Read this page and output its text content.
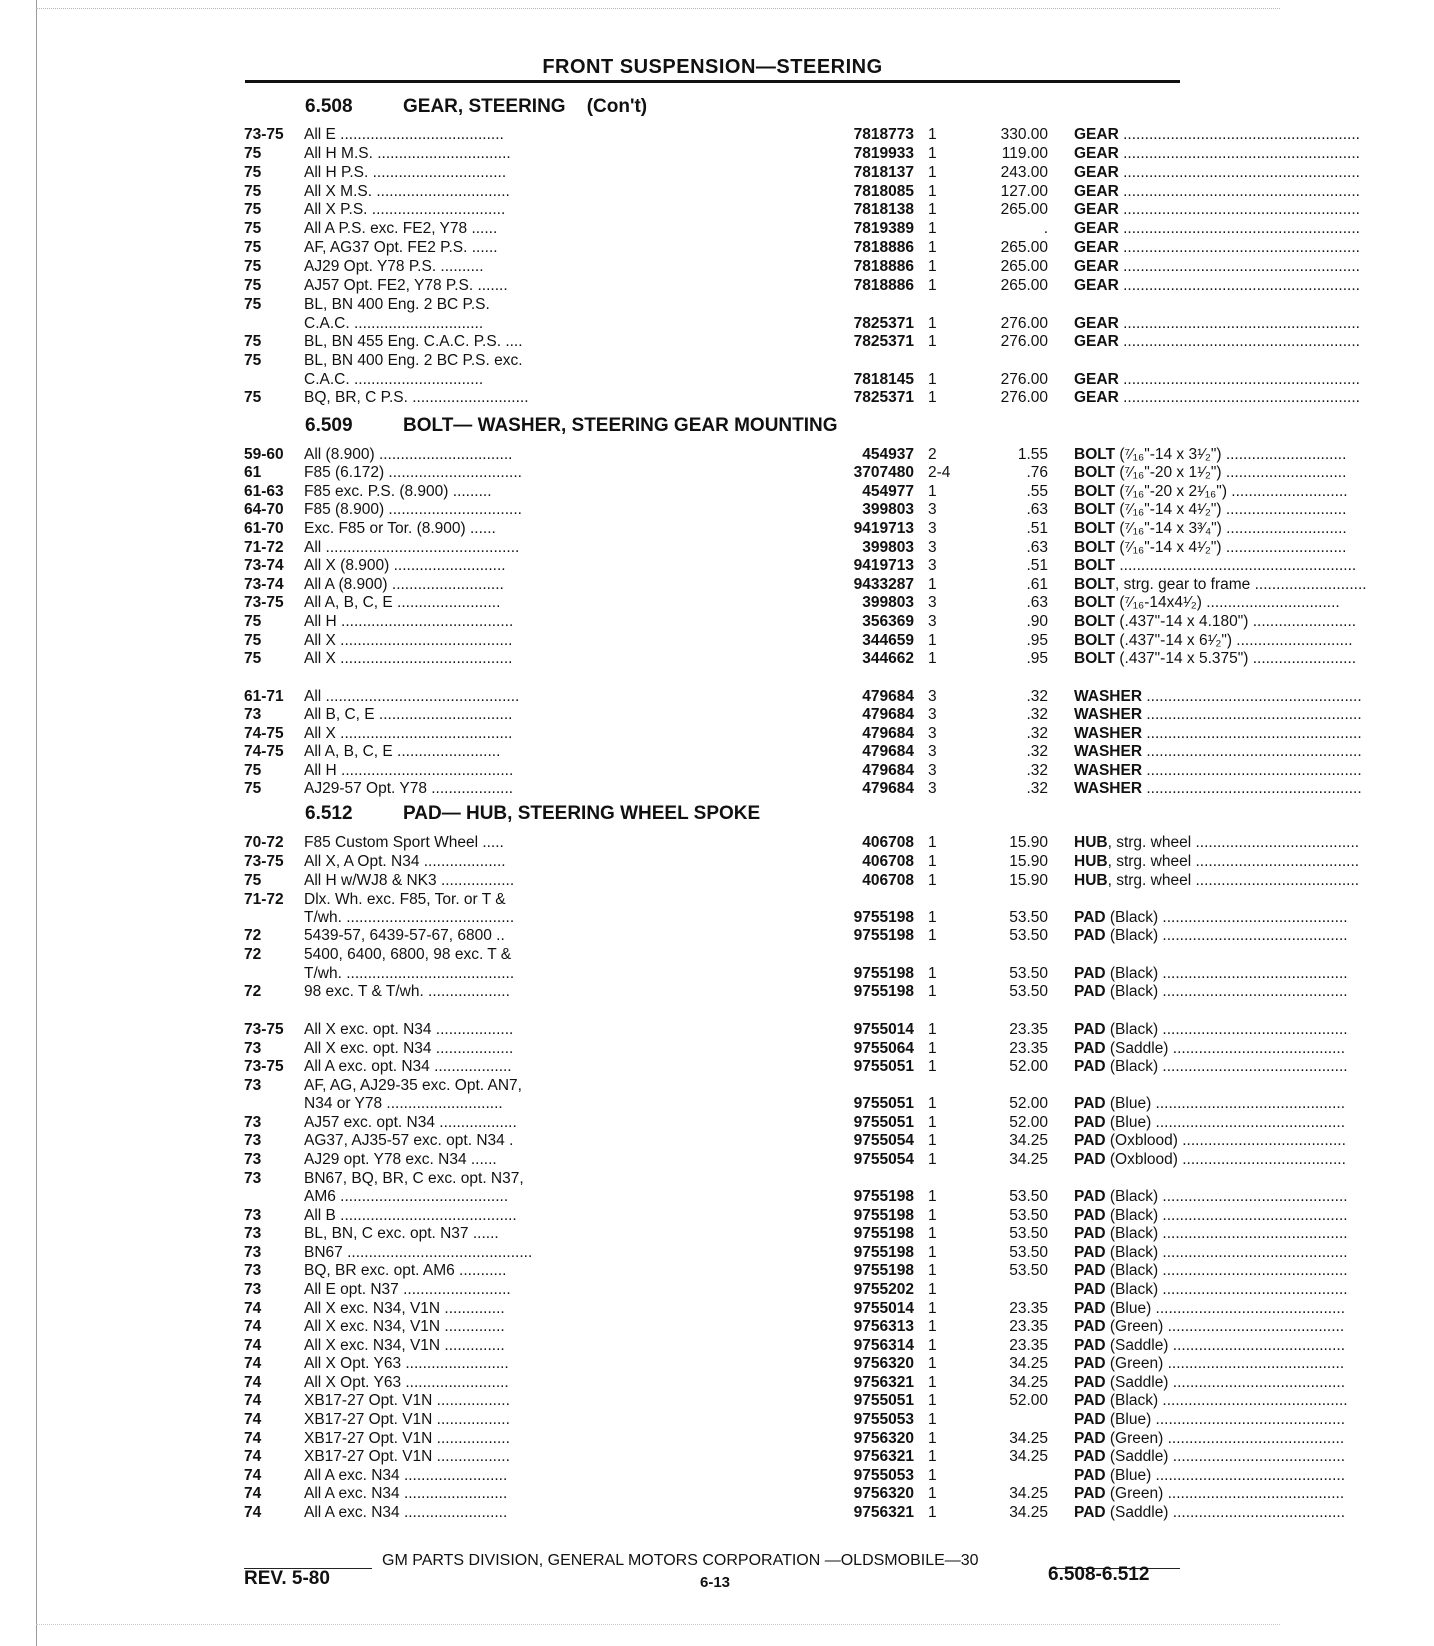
FRONT SUSPENSION—STEERING
6.508	GEAR, STEERING (Con't)
6.509	BOLT— WASHER, STEERING GEAR MOUNTING
6.512	PAD— HUB, STEERING WHEEL SPOKE
73-75	All E ......................................	7818773 1	330.00 GEAR .......................................................
75	All H M.S. ...............................	7819933 1	119.00 GEAR .......................................................
75	All H P.S. ...............................	7818137 1	243.00 GEAR .......................................................
75	All X M.S. ...............................	7818085 1	127.00 GEAR .......................................................
75	All X P.S. ...............................	7818138 1	265.00 GEAR .......................................................
75	All A P.S. exc. FE2, Y78 ......	7819389 1	. GEAR .......................................................
75	AF, AG37 Opt. FE2 P.S. ......	7818886 1	265.00 GEAR .......................................................
75	AJ29 Opt. Y78 P.S. ..........	7818886 1	265.00 GEAR .......................................................
75	AJ57 Opt. FE2, Y78 P.S. .......	7818886 1	265.00 GEAR .......................................................
75	BL, BN 400 Eng. 2 BC P.S.
C.A.C. ..............................	7825371 1	276.00 GEAR .......................................................
75	BL, BN 455 Eng. C.A.C. P.S. ....	7825371 1	276.00 GEAR .......................................................
75	BL, BN 400 Eng. 2 BC P.S. exc.
C.A.C. ..............................	7818145 1	276.00 GEAR .......................................................
75	BQ, BR, C P.S. ...........................	7825371 1	276.00 GEAR .......................................................
59-60	All (8.900) ...............................	454937 2	1.55 BOLT (⁷⁄₁₆"-14 x 3¹⁄₂") ............................
61	F85 (6.172) ...............................	3707480 2-4	.76 BOLT (⁷⁄₁₆"-20 x 1¹⁄₂") ............................
61-63	F85 exc. P.S. (8.900) .........	454977 1	.55 BOLT (⁷⁄₁₆"-20 x 2¹⁄₁₆") ...........................
64-70	F85 (8.900) ...............................	399803 3	.63 BOLT (⁷⁄₁₆"-14 x 4¹⁄₂") ............................
61-70	Exc. F85 or Tor. (8.900) ......	9419713 3	.51 BOLT (⁷⁄₁₆"-14 x 3³⁄₄") ............................
71-72	All .............................................	399803 3	.63 BOLT (⁷⁄₁₆"-14 x 4¹⁄₂") ............................
73-74	All X (8.900) ..........................	9419713 3	.51 BOLT .......................................................
73-74	All A (8.900) ..........................	9433287 1	.61 BOLT, strg. gear to frame ..........................
73-75	All A, B, C, E ........................	399803 3	.63 BOLT (⁷⁄₁₆-14x4¹⁄₂) ...............................
75	All H ........................................	356369 3	.90 BOLT (.437"-14 x 4.180") ........................
75	All X ........................................	344659 1	.95 BOLT (.437"-14 x 6¹⁄₂") ...........................
75	All X ........................................	344662 1	.95 BOLT (.437"-14 x 5.375") ........................
61-71	All .............................................	479684 3	.32 WASHER ..................................................
73	All B, C, E ...............................	479684 3	.32 WASHER ..................................................
74-75	All X ........................................	479684 3	.32 WASHER ..................................................
74-75	All A, B, C, E ........................	479684 3	.32 WASHER ..................................................
75	All H ........................................	479684 3	.32 WASHER ..................................................
75	AJ29-57 Opt. Y78 ...................	479684 3	.32 WASHER ..................................................
70-72	F85 Custom Sport Wheel .....	406708 1	15.90 HUB, strg. wheel ......................................
73-75	All X, A Opt. N34 ...................	406708 1	15.90 HUB, strg. wheel ......................................
75	All H w/WJ8 & NK3 .................	406708 1	15.90 HUB, strg. wheel ......................................
71-72	Dlx. Wh. exc. F85, Tor. or T &
T/wh. .......................................	9755198 1	53.50 PAD (Black) ...........................................
72	5439-57, 6439-57-67, 6800 ..	9755198 1	53.50 PAD (Black) ...........................................
72	5400, 6400, 6800, 98 exc. T &
T/wh. .......................................	9755198 1	53.50 PAD (Black) ...........................................
72	98 exc. T & T/wh. ...................	9755198 1	53.50 PAD (Black) ...........................................
73-75	All X exc. opt. N34 ..................	9755014 1	23.35 PAD (Black) ...........................................
73	All X exc. opt. N34 ..................	9755064 1	23.35 PAD (Saddle) ........................................
73-75	All A exc. opt. N34 ..................	9755051 1	52.00 PAD (Black) ...........................................
73	AF, AG, AJ29-35 exc. Opt. AN7,
N34 or Y78 ...........................	9755051 1	52.00 PAD (Blue) ............................................
73	AJ57 exc. opt. N34 ..................	9755051 1	52.00 PAD (Blue) ............................................
73	AG37, AJ35-57 exc. opt. N34 .	9755054 1	34.25 PAD (Oxblood) ......................................
73	AJ29 opt. Y78 exc. N34 ......	9755054 1	34.25 PAD (Oxblood) ......................................
73	BN67, BQ, BR, C exc. opt. N37,
AM6 .......................................	9755198 1	53.50 PAD (Black) ...........................................
73	All B .........................................	9755198 1	53.50 PAD (Black) ...........................................
73	BL, BN, C exc. opt. N37 ......	9755198 1	53.50 PAD (Black) ...........................................
73	BN67 ...........................................	9755198 1	53.50 PAD (Black) ...........................................
73	BQ, BR exc. opt. AM6 ...........	9755198 1	53.50 PAD (Black) ...........................................
73	All E opt. N37 .........................	9755202 1	PAD (Black) ...........................................
74	All X exc. N34, V1N ..............	9755014 1	23.35 PAD (Blue) ............................................
74	All X exc. N34, V1N ..............	9756313 1	23.35 PAD (Green) .........................................
74	All X exc. N34, V1N ..............	9756314 1	23.35 PAD (Saddle) ........................................
74	All X Opt. Y63 ........................	9756320 1	34.25 PAD (Green) .........................................
74	All X Opt. Y63 ........................	9756321 1	34.25 PAD (Saddle) ........................................
74	XB17-27 Opt. V1N .................	9755051 1	52.00 PAD (Black) ...........................................
74	XB17-27 Opt. V1N .................	9755053 1	PAD (Blue) ............................................
74	XB17-27 Opt. V1N .................	9756320 1	34.25 PAD (Green) .........................................
74	XB17-27 Opt. V1N .................	9756321 1	34.25 PAD (Saddle) ........................................
74	All A exc. N34 ........................	9755053 1	PAD (Blue) ............................................
74	All A exc. N34 ........................	9756320 1	34.25 PAD (Green) .........................................
74	All A exc. N34 ........................	9756321 1	34.25 PAD (Saddle) ........................................
GM PARTS DIVISION, GENERAL MOTORS CORPORATION —OLDSMOBILE—30
REV. 5-80	6-13	6.508-6.512
